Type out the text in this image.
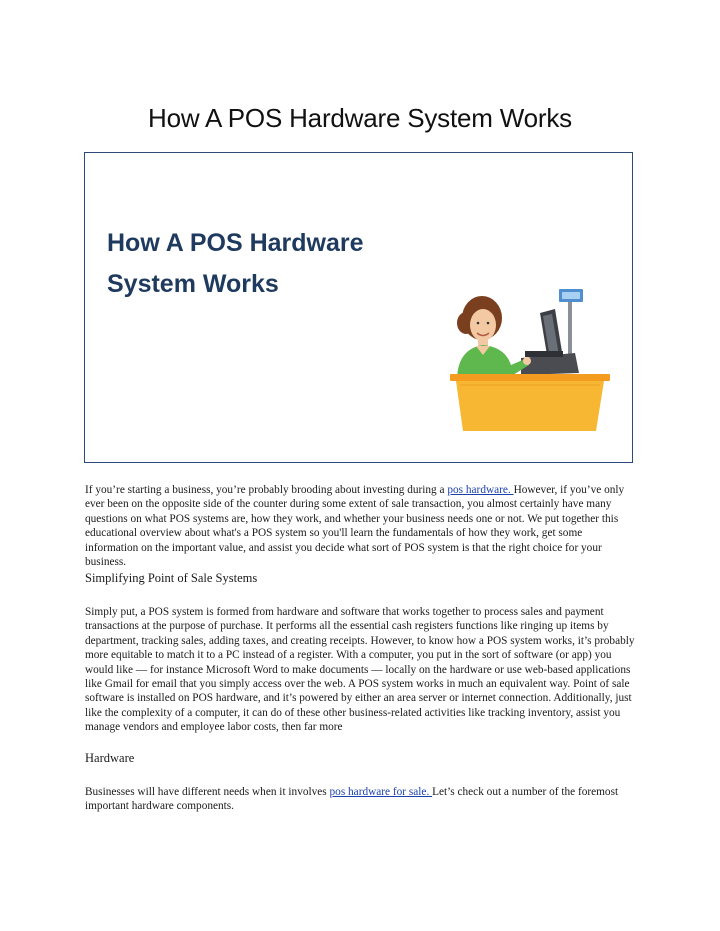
How A POS Hardware System Works
How A POS Hardware
System Works
If you’re starting a business, you’re probably brooding about investing during a pos hardware. However, if you’ve only ever been on the opposite side of the counter during some extent of sale transaction, you almost certainly have many questions on what POS systems are, how they work, and whether your business needs one or not. We put together this educational overview about what's a POS system so you'll learn the fundamentals of how they work, get some information on the important value, and assist you decide what sort of POS system is that the right choice for your business.
Simplifying Point of Sale Systems
Simply put, a POS system is formed from hardware and software that works together to process sales and payment transactions at the purpose of purchase. It performs all the essential cash registers functions like ringing up items by department, tracking sales, adding taxes, and creating receipts. However, to know how a POS system works, it’s probably more equitable to match it to a PC instead of a register. With a computer, you put in the sort of software (or app) you would like — for instance Microsoft Word to make documents — locally on the hardware or use web-based applications like Gmail for email that you simply access over the web. A POS system works in much an equivalent way. Point of sale software is installed on POS hardware, and it’s powered by either an area server or internet connection. Additionally, just like the complexity of a computer, it can do of these other business-related activities like tracking inventory, assist you manage vendors and employee labor costs, then far more
Hardware
Businesses will have different needs when it involves pos hardware for sale. Let’s check out a number of the foremost important hardware components.
